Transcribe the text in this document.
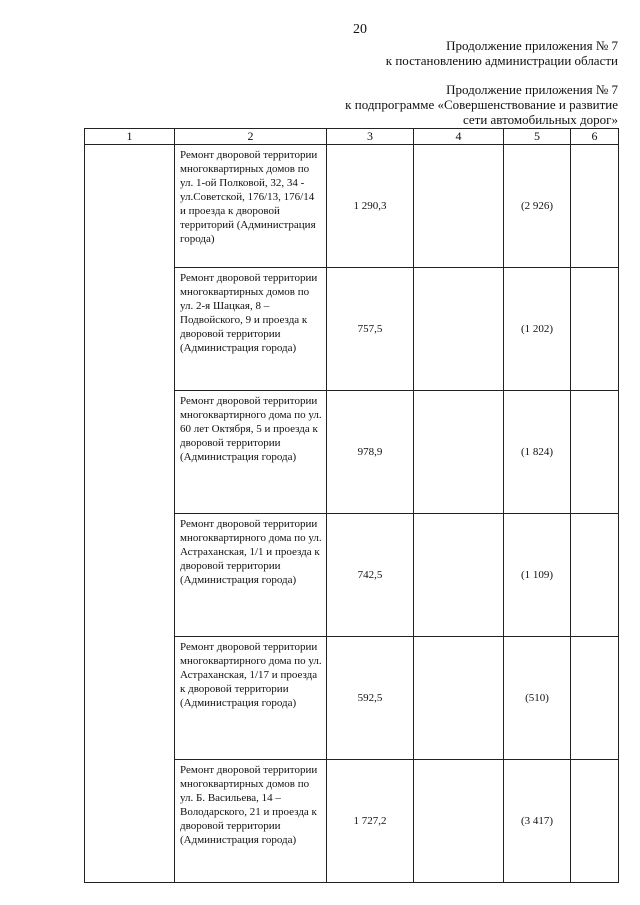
20
Продолжение приложения № 7
к постановлению администрации области
Продолжение приложения № 7
к подпрограмме «Совершенствование и развитие
сети автомобильных дорог»
1	2	3	4	5	6
	Ремонт дворовой территории многоквартирных домов по ул. 1-ой Полковой, 32, 34 - ул.Советской, 176/13, 176/14 и проезда к дворовой территорий (Администрация города)	1 290,3		(2 926)	
	Ремонт дворовой территории многоквартирных домов по ул. 2-я Шацкая, 8 – Подвойского, 9 и проезда к дворовой территории (Администрация города)	757,5		(1 202)	
	Ремонт дворовой территории многоквартирного дома по ул. 60 лет Октября, 5 и проезда к дворовой территории (Администрация города)	978,9		(1 824)	
	Ремонт дворовой территории многоквартирного дома по ул. Астраханская, 1/1 и проезда к дворовой территории (Администрация города)	742,5		(1 109)	
	Ремонт дворовой территории многоквартирного дома по ул. Астраханская, 1/17 и проезда к дворовой территории (Администрация города)	592,5		(510)	
	Ремонт дворовой территории многоквартирных домов по ул. Б. Васильева, 14 – Володарского, 21 и проезда к дворовой территории (Администрация города)	1 727,2		(3 417)	
